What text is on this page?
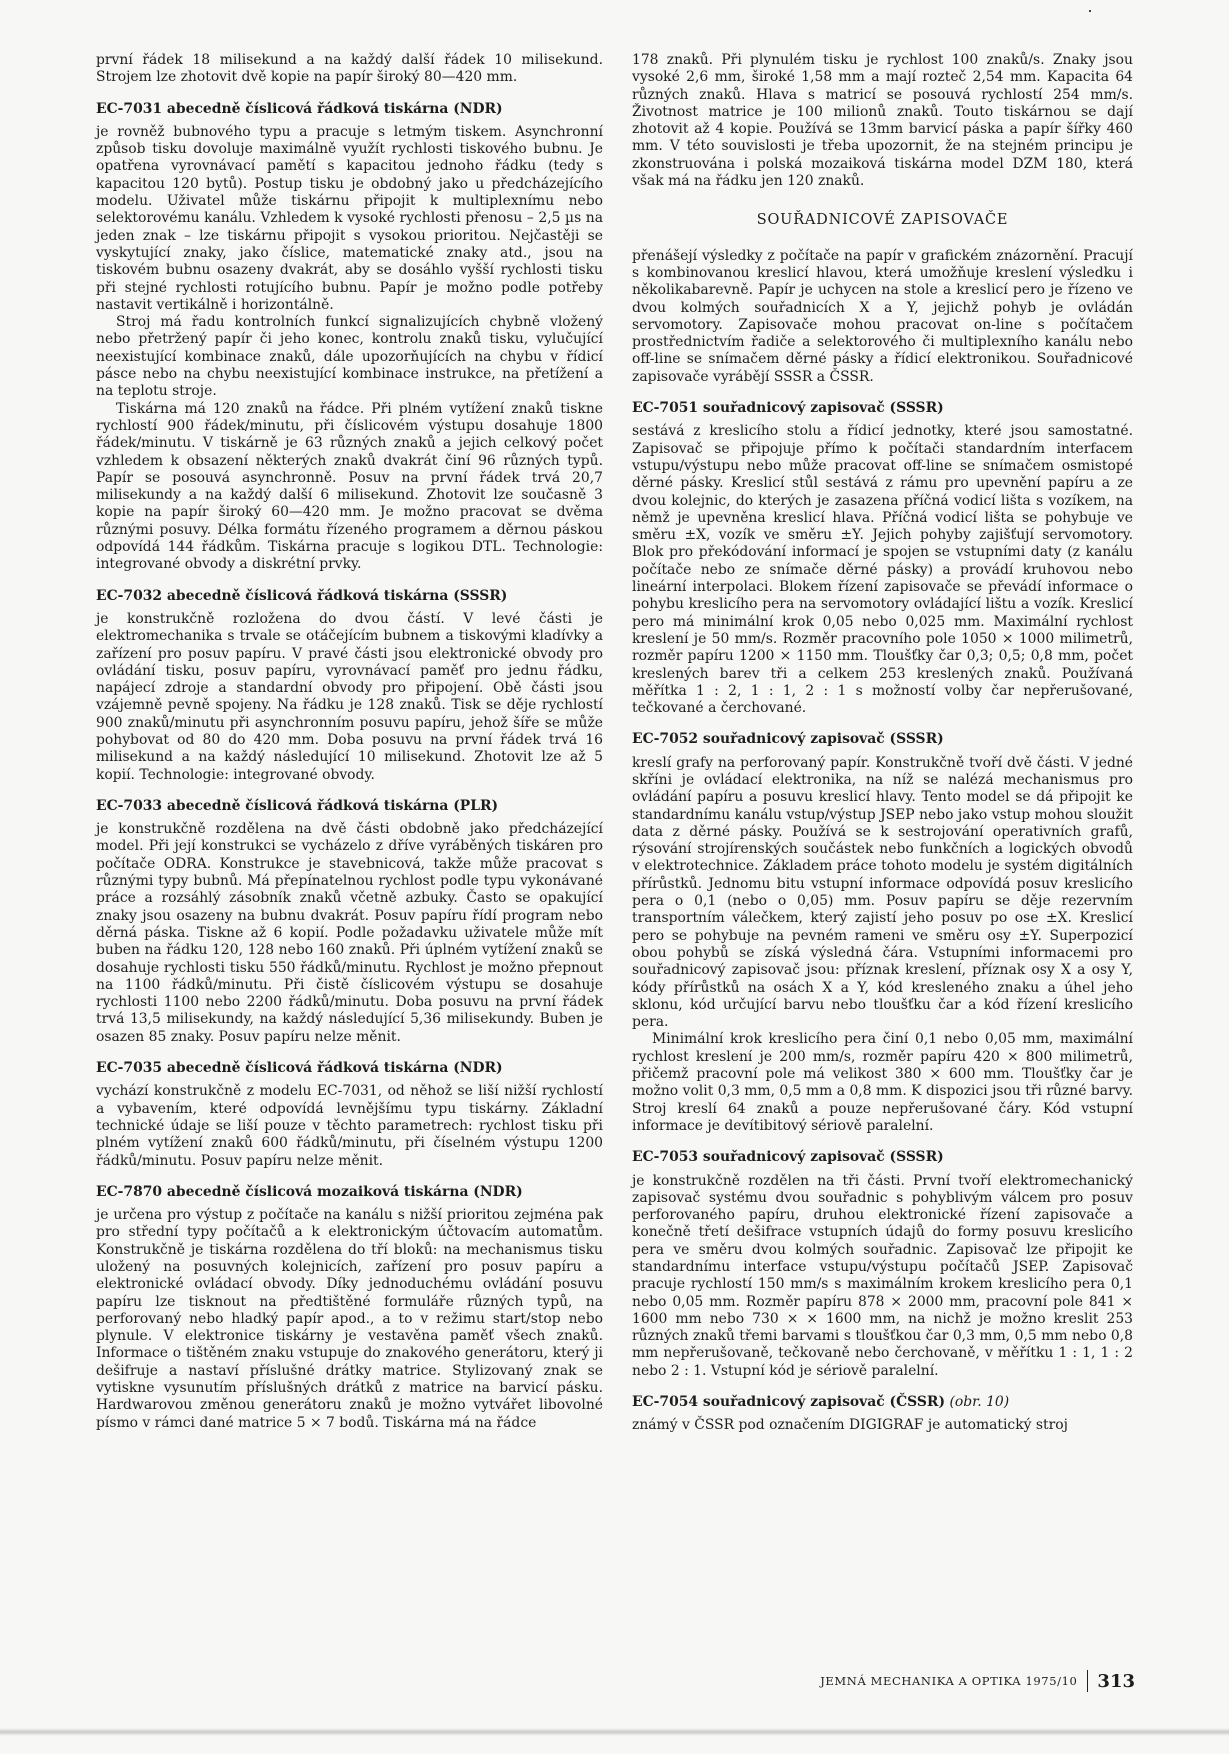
první řádek 18 milisekund a na každý další řádek 10 milisekund. Strojem lze zhotovit dvě kopie na papír široký 80—420 mm.

EC-7031 abecedně číslicová řádková tiskárna (NDR)

je rovněž bubnového typu a pracuje s letmým tiskem. Asynchronní způsob tisku dovoluje maximálně využít rychlosti tiskového bubnu. Je opatřena vyrovnávací pamětí s kapacitou jednoho řádku (tedy s kapacitou 120 bytů). Postup tisku je obdobný jako u předcházejícího modelu. Uživatel může tiskárnu připojit k multiplexnímu nebo selektorovému kanálu. Vzhledem k vysoké rychlosti přenosu – 2,5 µs na jeden znak – lze tiskárnu připojit s vysokou prioritou. Nejčastěji se vyskytující znaky, jako číslice, matematické znaky atd., jsou na tiskovém bubnu osazeny dvakrát, aby se dosáhlo vyšší rychlosti tisku při stejné rychlosti rotujícího bubnu. Papír je možno podle potřeby nastavit vertikálně i horizontálně.

Stroj má řadu kontrolních funkcí signalizujících chybně vložený nebo přetržený papír či jeho konec, kontrolu znaků tisku, vylučující neexistující kombinace znaků, dále upozorňujících na chybu v řídicí pásce nebo na chybu neexistující kombinace instrukce, na přetížení a na teplotu stroje.

Tiskárna má 120 znaků na řádce. Při plném vytížení znaků tiskne rychlostí 900 řádek/minutu, při číslicovém výstupu dosahuje 1800 řádek/minutu. V tiskárně je 63 různých znaků a jejich celkový počet vzhledem k obsazení některých znaků dvakrát činí 96 různých typů. Papír se posouvá asynchronně. Posuv na první řádek trvá 20,7 milisekundy a na každý další 6 milisekund. Zhotovit lze současně 3 kopie na papír široký 60—420 mm. Je možno pracovat se dvěma různými posuvy. Délka formátu řízeného programem a děrnou páskou odpovídá 144 řádkům. Tiskárna pracuje s logikou DTL. Technologie: integrované obvody a diskrétní prvky.

EC-7032 abecedně číslicová řádková tiskárna (SSSR)

je konstrukčně rozložena do dvou částí. V levé části je elektromechanika s trvale se otáčejícím bubnem a tiskovými kladívky a zařízení pro posuv papíru. V pravé části jsou elektronické obvody pro ovládání tisku, posuv papíru, vyrovnávací paměť pro jednu řádku, napájecí zdroje a standardní obvody pro připojení. Obě části jsou vzájemně pevně spojeny. Na řádku je 128 znaků. Tisk se děje rychlostí 900 znaků/minutu při asynchronním posuvu papíru, jehož šíře se může pohybovat od 80 do 420 mm. Doba posuvu na první řádek trvá 16 milisekund a na každý následující 10 milisekund. Zhotovit lze až 5 kopií. Technologie: integrované obvody.

EC-7033 abecedně číslicová řádková tiskárna (PLR)

je konstrukčně rozdělena na dvě části obdobně jako předcházející model. Při její konstrukci se vycházelo z dříve vyráběných tiskáren pro počítače ODRA. Konstrukce je stavebnicová, takže může pracovat s různými typy bubnů. Má přepínatelnou rychlost podle typu vykonávané práce a rozsáhlý zásobník znaků včetně azbuky. Často se opakující znaky jsou osazeny na bubnu dvakrát. Posuv papíru řídí program nebo děrná páska. Tiskne až 6 kopií. Podle požadavku uživatele může mít buben na řádku 120, 128 nebo 160 znaků. Při úplném vytížení znaků se dosahuje rychlosti tisku 550 řádků/minutu. Rychlost je možno přepnout na 1100 řádků/minutu. Při čistě číslicovém výstupu se dosahuje rychlosti 1100 nebo 2200 řádků/minutu. Doba posuvu na první řádek trvá 13,5 milisekundy, na každý následující 5,36 milisekundy. Buben je osazen 85 znaky. Posuv papíru nelze měnit.

EC-7035 abecedně číslicová řádková tiskárna (NDR)

vychází konstrukčně z modelu EC-7031, od něhož se liší nižší rychlostí a vybavením, které odpovídá levnějšímu typu tiskárny. Základní technické údaje se liší pouze v těchto parametrech: rychlost tisku při plném vytížení znaků 600 řádků/minutu, při číselném výstupu 1200 řádků/minutu. Posuv papíru nelze měnit.

EC-7870 abecedně číslicová mozaiková tiskárna (NDR)

je určena pro výstup z počítače na kanálu s nižší prioritou zejména pak pro střední typy počítačů a k elektronickým účtovacím automatům. Konstrukčně je tiskárna rozdělena do tří bloků: na mechanismus tisku uložený na posuvných kolejnicích, zařízení pro posuv papíru a elektronické ovládací obvody. Díky jednoduchému ovládání posuvu papíru lze tisknout na předtištěné formuláře různých typů, na perforovaný nebo hladký papír apod., a to v režimu start/stop nebo plynule. V elektronice tiskárny je vestavěna paměť všech znaků. Informace o tištěném znaku vstupuje do znakového generátoru, který ji dešifruje a nastaví příslušné drátky matrice. Stylizovaný znak se vytiskne vysunutím příslušných drátků z matrice na barvicí pásku. Hardwarovou změnou generátoru znaků je možno vytvářet libovolné písmo v rámci dané matrice 5 × 7 bodů. Tiskárna má na řádce

178 znaků. Při plynulém tisku je rychlost 100 znaků/s. Znaky jsou vysoké 2,6 mm, široké 1,58 mm a mají rozteč 2,54 mm. Kapacita 64 různých znaků. Hlava s matricí se posouvá rychlostí 254 mm/s. Životnost matrice je 100 milionů znaků. Touto tiskárnou se dají zhotovit až 4 kopie. Používá se 13mm barvicí páska a papír šířky 460 mm. V této souvislosti je třeba upozornit, že na stejném principu je zkonstruována i polská mozaiková tiskárna model DZM 180, která však má na řádku jen 120 znaků.

SOUŘADNICOVÉ ZAPISOVAČE

přenášejí výsledky z počítače na papír v grafickém znázornění. Pracují s kombinovanou kreslicí hlavou, která umožňuje kreslení výsledku i několikabarevně. Papír je uchycen na stole a kreslicí pero je řízeno ve dvou kolmých souřadnicích X a Y, jejichž pohyb je ovládán servomotory. Zapisovače mohou pracovat on-line s počítačem prostřednictvím řadiče a selektorového či multiplexního kanálu nebo off-line se snímačem děrné pásky a řídicí elektronikou. Souřadnicové zapisovače vyrábějí SSSR a ČSSR.

EC-7051 souřadnicový zapisovač (SSSR)

sestává z kreslicího stolu a řídicí jednotky, které jsou samostatné. Zapisovač se připojuje přímo k počítači standardním interfacem vstupu/výstupu nebo může pracovat off-line se snímačem osmistopé děrné pásky. Kreslicí stůl sestává z rámu pro upevnění papíru a ze dvou kolejnic, do kterých je zasazena příčná vodicí lišta s vozíkem, na němž je upevněna kreslicí hlava. Příčná vodicí lišta se pohybuje ve směru ±X, vozík ve směru ±Y. Jejich pohyby zajišťují servomotory. Blok pro překódování informací je spojen se vstupními daty (z kanálu počítače nebo ze snímače děrné pásky) a provádí kruhovou nebo lineární interpolaci. Blokem řízení zapisovače se převádí informace o pohybu kreslicího pera na servomotory ovládající lištu a vozík. Kreslicí pero má minimální krok 0,05 nebo 0,025 mm. Maximální rychlost kreslení je 50 mm/s. Rozměr pracovního pole 1050 × 1000 milimetrů, rozměr papíru 1200 × 1150 mm. Tloušťky čar 0,3; 0,5; 0,8 mm, počet kreslených barev tři a celkem 253 kreslených znaků. Používaná měřítka 1 : 2, 1 : 1, 2 : 1 s možností volby čar nepřerušované, tečkované a čerchované.

EC-7052 souřadnicový zapisovač (SSSR)

kreslí grafy na perforovaný papír. Konstrukčně tvoří dvě části. V jedné skříni je ovládací elektronika, na níž se nalézá mechanismus pro ovládání papíru a posuvu kreslicí hlavy. Tento model se dá připojit ke standardnímu kanálu vstup/výstup JSEP nebo jako vstup mohou sloužit data z děrné pásky. Používá se k sestrojování operativních grafů, rýsování strojírenských součástek nebo funkčních a logických obvodů v elektrotechnice. Základem práce tohoto modelu je systém digitálních přírůstků. Jednomu bitu vstupní informace odpovídá posuv kreslicího pera o 0,1 (nebo o 0,05) mm. Posuv papíru se děje rezervním transportním válečkem, který zajistí jeho posuv po ose ±X. Kreslicí pero se pohybuje na pevném rameni ve směru osy ±Y. Superpozicí obou pohybů se získá výsledná čára. Vstupními informacemi pro souřadnicový zapisovač jsou: příznak kreslení, příznak osy X a osy Y, kódy přírůstků na osách X a Y, kód kresleného znaku a úhel jeho sklonu, kód určující barvu nebo tloušťku čar a kód řízení kreslicího pera.

Minimální krok kreslicího pera činí 0,1 nebo 0,05 mm, maximální rychlost kreslení je 200 mm/s, rozměr papíru 420 × 800 milimetrů, přičemž pracovní pole má velikost 380 × 600 mm. Tloušťky čar je možno volit 0,3 mm, 0,5 mm a 0,8 mm. K dispozici jsou tři různé barvy. Stroj kreslí 64 znaků a pouze nepřerušované čáry. Kód vstupní informace je devítibitový sériově paralelní.

EC-7053 souřadnicový zapisovač (SSSR)

je konstrukčně rozdělen na tři části. První tvoří elektromechanický zapisovač systému dvou souřadnic s pohyblivým válcem pro posuv perforovaného papíru, druhou elektronické řízení zapisovače a konečně třetí dešifrace vstupních údajů do formy posuvu kreslicího pera ve směru dvou kolmých souřadnic. Zapisovač lze připojit ke standardnímu interface vstupu/výstupu počítačů JSEP. Zapisovač pracuje rychlostí 150 mm/s s maximálním krokem kreslicího pera 0,1 nebo 0,05 mm. Rozměr papíru 878 × 2000 mm, pracovní pole 841 × 1600 mm nebo 730 × × 1600 mm, na nichž je možno kreslit 253 různých znaků třemi barvami s tloušťkou čar 0,3 mm, 0,5 mm nebo 0,8 mm nepřerušovaně, tečkovaně nebo čerchovaně, v měřítku 1 : 1, 1 : 2 nebo 2 : 1. Vstupní kód je sériově paralelní.

EC-7054 souřadnicový zapisovač (ČSSR) (obr. 10)

známý v ČSSR pod označením DIGIGRAF je automatický stroj

JEMNÁ MECHANIKA A OPTIKA 1975/10 313
